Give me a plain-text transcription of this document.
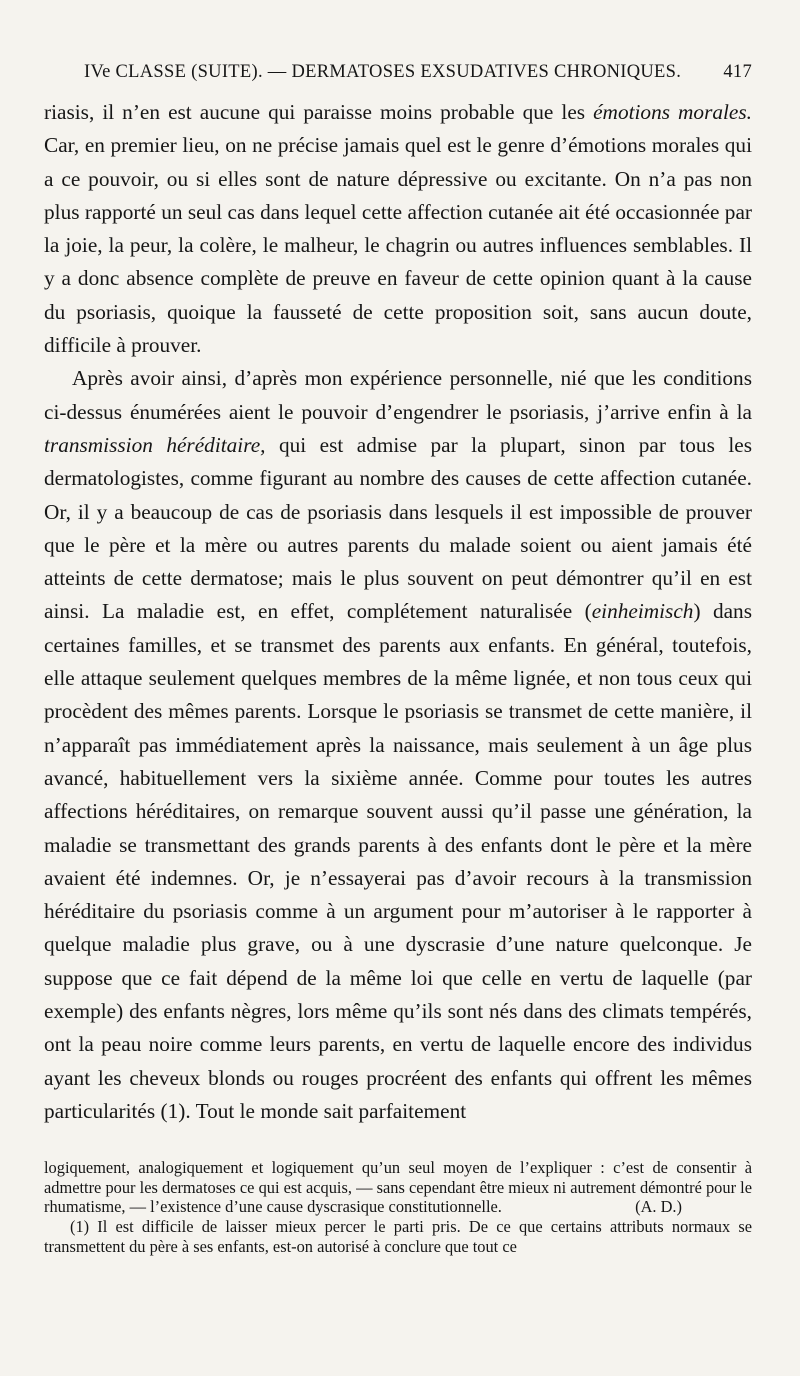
IVe CLASSE (SUITE). — DERMATOSES EXSUDATIVES CHRONIQUES. 417

riasis, il n’en est aucune qui paraisse moins probable que les émotions morales. Car, en premier lieu, on ne précise jamais quel est le genre d’émotions morales qui a ce pouvoir, ou si elles sont de nature dépressive ou excitante. On n’a pas non plus rapporté un seul cas dans lequel cette affection cutanée ait été occasionnée par la joie, la peur, la colère, le malheur, le chagrin ou autres influences semblables. Il y a donc absence complète de preuve en faveur de cette opinion quant à la cause du psoriasis, quoique la fausseté de cette proposition soit, sans aucun doute, difficile à prouver.

Après avoir ainsi, d’après mon expérience personnelle, nié que les conditions ci-dessus énumérées aient le pouvoir d’engendrer le psoriasis, j’arrive enfin à la transmission héréditaire, qui est admise par la plupart, sinon par tous les dermatologistes, comme figurant au nombre des causes de cette affection cutanée. Or, il y a beaucoup de cas de psoriasis dans lesquels il est impossible de prouver que le père et la mère ou autres parents du malade soient ou aient jamais été atteints de cette dermatose; mais le plus souvent on peut démontrer qu’il en est ainsi. La maladie est, en effet, complétement naturalisée (einheimisch) dans certaines familles, et se transmet des parents aux enfants. En général, toutefois, elle attaque seulement quelques membres de la même lignée, et non tous ceux qui procèdent des mêmes parents. Lorsque le psoriasis se transmet de cette manière, il n’apparaît pas immédiatement après la naissance, mais seulement à un âge plus avancé, habituellement vers la sixième année. Comme pour toutes les autres affections héréditaires, on remarque souvent aussi qu’il passe une génération, la maladie se transmettant des grands parents à des enfants dont le père et la mère avaient été indemnes. Or, je n’essayerai pas d’avoir recours à la transmission héréditaire du psoriasis comme à un argument pour m’autoriser à le rapporter à quelque maladie plus grave, ou à une dyscrasie d’une nature quelconque. Je suppose que ce fait dépend de la même loi que celle en vertu de laquelle (par exemple) des enfants nègres, lors même qu’ils sont nés dans des climats tempérés, ont la peau noire comme leurs parents, en vertu de laquelle encore des individus ayant les cheveux blonds ou rouges procréent des enfants qui offrent les mêmes particularités (1). Tout le monde sait parfaitement

logiquement, analogiquement et logiquement qu’un seul moyen de l’expliquer : c’est de consentir à admettre pour les dermatoses ce qui est acquis, — sans cependant être mieux ni autrement démontré pour le rhumatisme, — l’existence d’une cause dyscrasique constitutionnelle.	(A. D.)

(1) Il est difficile de laisser mieux percer le parti pris. De ce que certains attributs normaux se transmettent du père à ses enfants, est-on autorisé à conclure que tout ce
